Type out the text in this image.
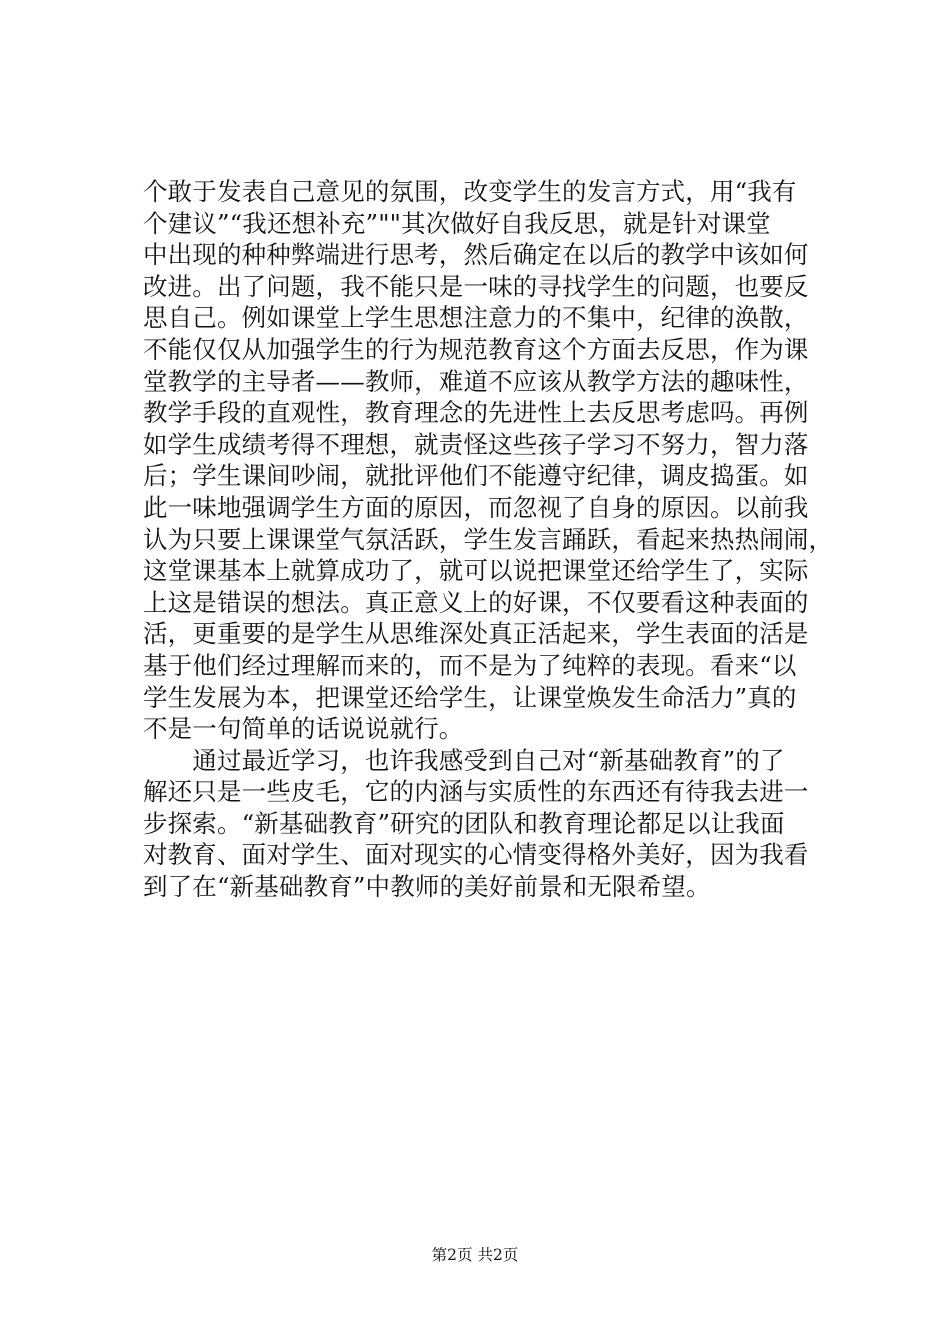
个敢于发表自己意见的氛围，改变学生的发言方式，用“我有
个建议”“我还想补充”""其次做好自我反思，就是针对课堂
中出现的种种弊端进行思考，然后确定在以后的教学中该如何
改进。出了问题，我不能只是一味的寻找学生的问题，也要反
思自己。例如课堂上学生思想注意力的不集中，纪律的涣散，
不能仅仅从加强学生的行为规范教育这个方面去反思，作为课
堂教学的主导者——教师，难道不应该从教学方法的趣味性，
教学手段的直观性，教育理念的先进性上去反思考虑吗。再例
如学生成绩考得不理想，就责怪这些孩子学习不努力，智力落
后；学生课间吵闹，就批评他们不能遵守纪律，调皮捣蛋。如
此一味地强调学生方面的原因，而忽视了自身的原因。以前我
认为只要上课课堂气氛活跃，学生发言踊跃，看起来热热闹闹，
这堂课基本上就算成功了，就可以说把课堂还给学生了，实际
上这是错误的想法。真正意义上的好课，不仅要看这种表面的
活，更重要的是学生从思维深处真正活起来，学生表面的活是
基于他们经过理解而来的，而不是为了纯粹的表现。看来“以
学生发展为本，把课堂还给学生，让课堂焕发生命活力”真的
不是一句简单的话说说就行。
　　通过最近学习，也许我感受到自己对“新基础教育”的了
解还只是一些皮毛，它的内涵与实质性的东西还有待我去进一
步探索。“新基础教育”研究的团队和教育理论都足以让我面
对教育、面对学生、面对现实的心情变得格外美好，因为我看
到了在“新基础教育”中教师的美好前景和无限希望。
第2页 共2页
